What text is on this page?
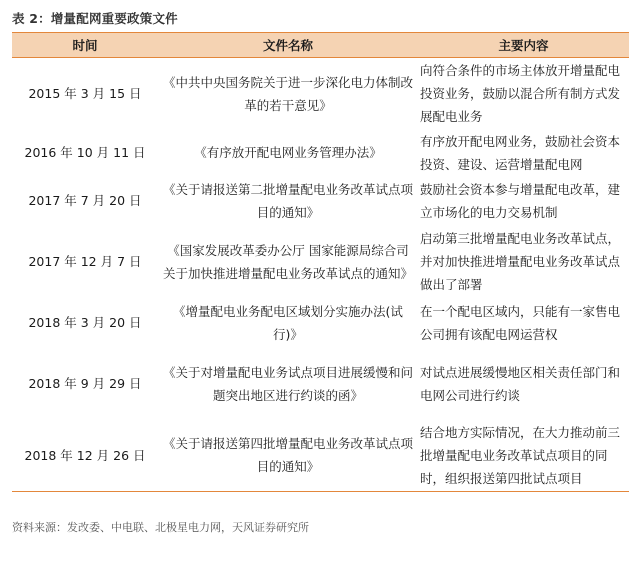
表 2：增量配网重要政策文件
时间	文件名称	主要内容
2015 年 3 月 15 日	《中共中央国务院关于进一步深化电力体制改革的若干意见》	向符合条件的市场主体放开增量配电投资业务，鼓励以混合所有制方式发展配电业务
2016 年 10 月 11 日	《有序放开配电网业务管理办法》	有序放开配电网业务，鼓励社会资本投资、建设、运营增量配电网
2017 年 7 月 20 日	《关于请报送第二批增量配电业务改革试点项目的通知》	鼓励社会资本参与增量配电改革，建立市场化的电力交易机制
2017 年 12 月 7 日	《国家发展改革委办公厅 国家能源局综合司关于加快推进增量配电业务改革试点的通知》	启动第三批增量配电业务改革试点，并对加快推进增量配电业务改革试点做出了部署
2018 年 3 月 20 日	《增量配电业务配电区域划分实施办法(试行)》	在一个配电区域内，只能有一家售电公司拥有该配电网运营权
2018 年 9 月 29 日	《关于对增量配电业务试点项目进展缓慢和问题突出地区进行约谈的函》	对试点进展缓慢地区相关责任部门和电网公司进行约谈
2018 年 12 月 26 日	《关于请报送第四批增量配电业务改革试点项目的通知》	结合地方实际情况，在大力推动前三批增量配电业务改革试点项目的同时，组织报送第四批试点项目
资料来源：发改委、中电联、北极星电力网，天风证券研究所
